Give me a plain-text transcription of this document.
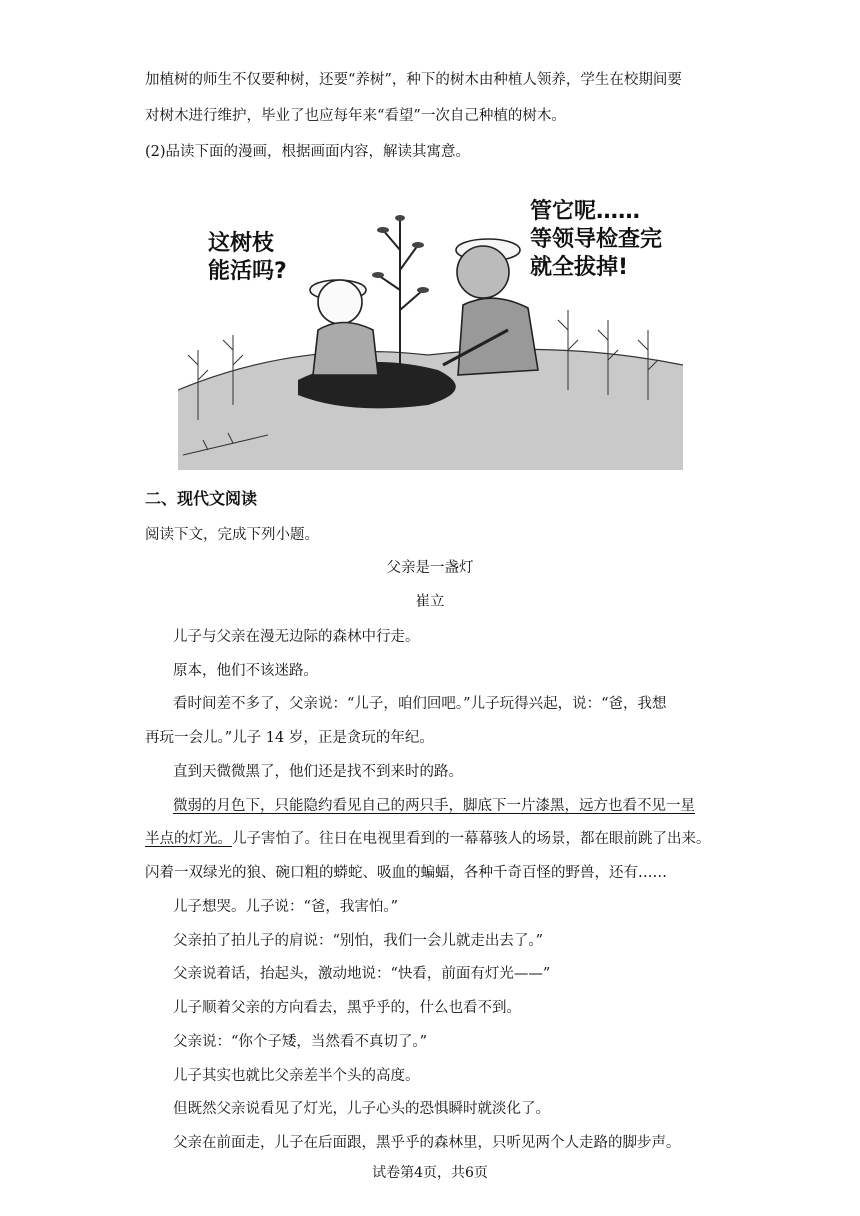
加植树的师生不仅要种树，还要“养树”，种下的树木由种植人领养，学生在校期间要
对树木进行维护，毕业了也应每年来“看望”一次自己种植的树木。
(2)品读下面的漫画，根据画面内容，解读其寓意。
这树枝
能活吗?
管它呢……
等领导检查完
就全拔掉!
二、现代文阅读
阅读下文，完成下列小题。
父亲是一盏灯
崔立
儿子与父亲在漫无边际的森林中行走。
原本，他们不该迷路。
看时间差不多了，父亲说：“儿子，咱们回吧。”儿子玩得兴起，说：“爸，我想
再玩一会儿。”儿子 14 岁，正是贪玩的年纪。
直到天微微黑了，他们还是找不到来时的路。
微弱的月色下，只能隐约看见自己的两只手，脚底下一片漆黑，远方也看不见一星
半点的灯光。儿子害怕了。往日在电视里看到的一幕幕骇人的场景，都在眼前跳了出来。
闪着一双绿光的狼、碗口粗的蟒蛇、吸血的蝙蝠，各种千奇百怪的野兽，还有……
儿子想哭。儿子说：“爸，我害怕。”
父亲拍了拍儿子的肩说：“别怕，我们一会儿就走出去了。”
父亲说着话，抬起头，激动地说：“快看，前面有灯光——”
儿子顺着父亲的方向看去，黑乎乎的，什么也看不到。
父亲说：“你个子矮，当然看不真切了。”
儿子其实也就比父亲差半个头的高度。
但既然父亲说看见了灯光，儿子心头的恐惧瞬时就淡化了。
父亲在前面走，儿子在后面跟，黑乎乎的森林里，只听见两个人走路的脚步声。
试卷第4页，共6页
